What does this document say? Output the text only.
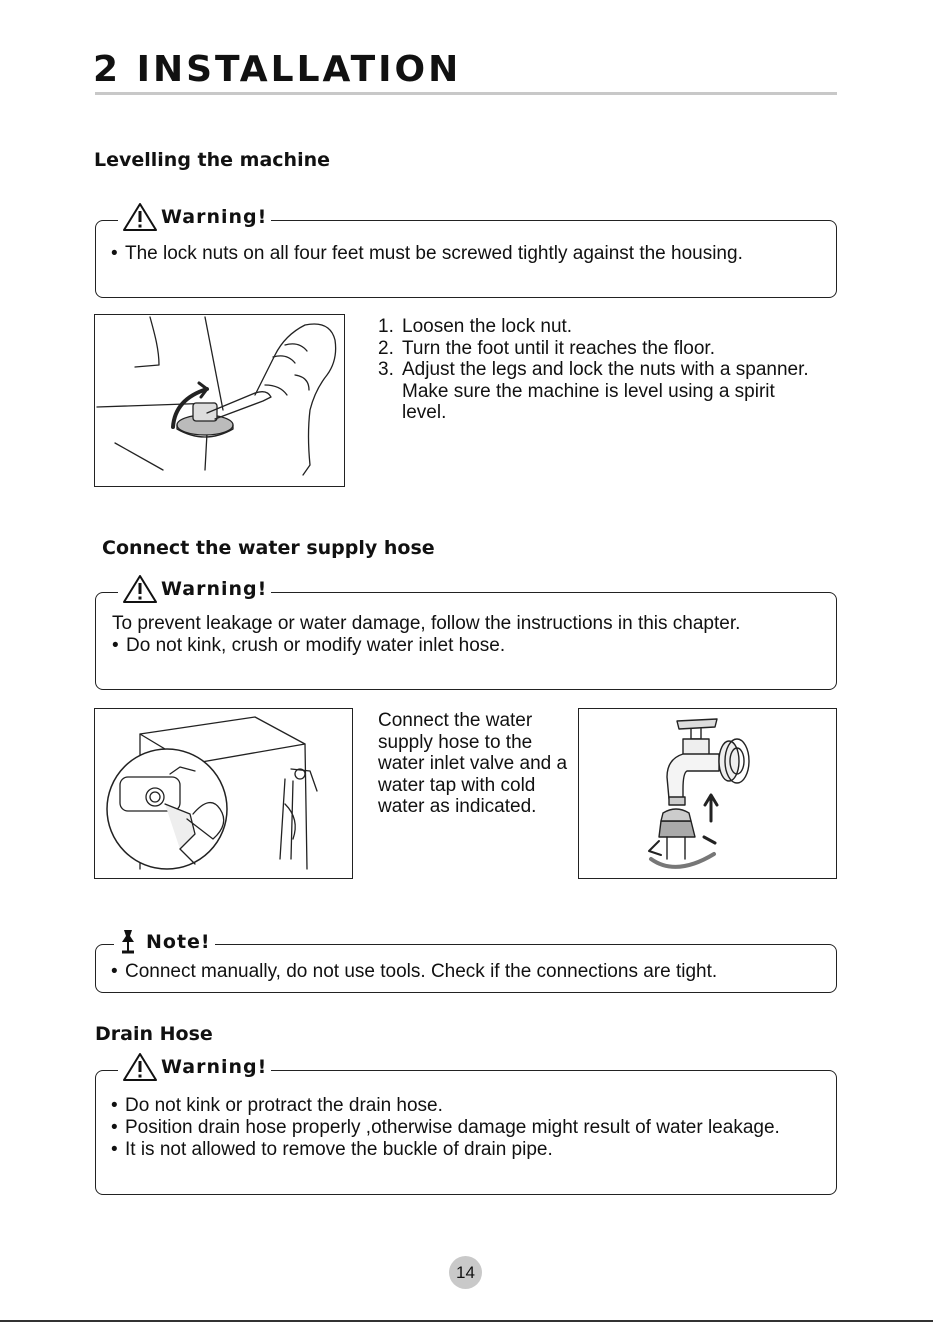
2 INSTALLATION
Levelling the machine
Warning!
• The lock nuts on all four feet must be screwed tightly against the housing.
1. Loosen the lock nut.
2. Turn the foot until it reaches the floor.
3. Adjust the legs and lock the nuts with a spanner. Make sure the machine is level using a spirit level.
Connect the water supply hose
Warning!

To prevent leakage or water damage, follow the instructions in this chapter.

• Do not kink, crush or modify water inlet hose.
Connect the water supply hose to the water inlet valve and a water tap with cold water as indicated.
Note!
• Connect manually, do not use tools. Check if the connections are tight.
Drain Hose
Warning!
• Do not kink or protract the drain hose.
• Position drain hose properly ,otherwise damage might result of water leakage.
• It is not allowed to remove the buckle of drain pipe.
14
